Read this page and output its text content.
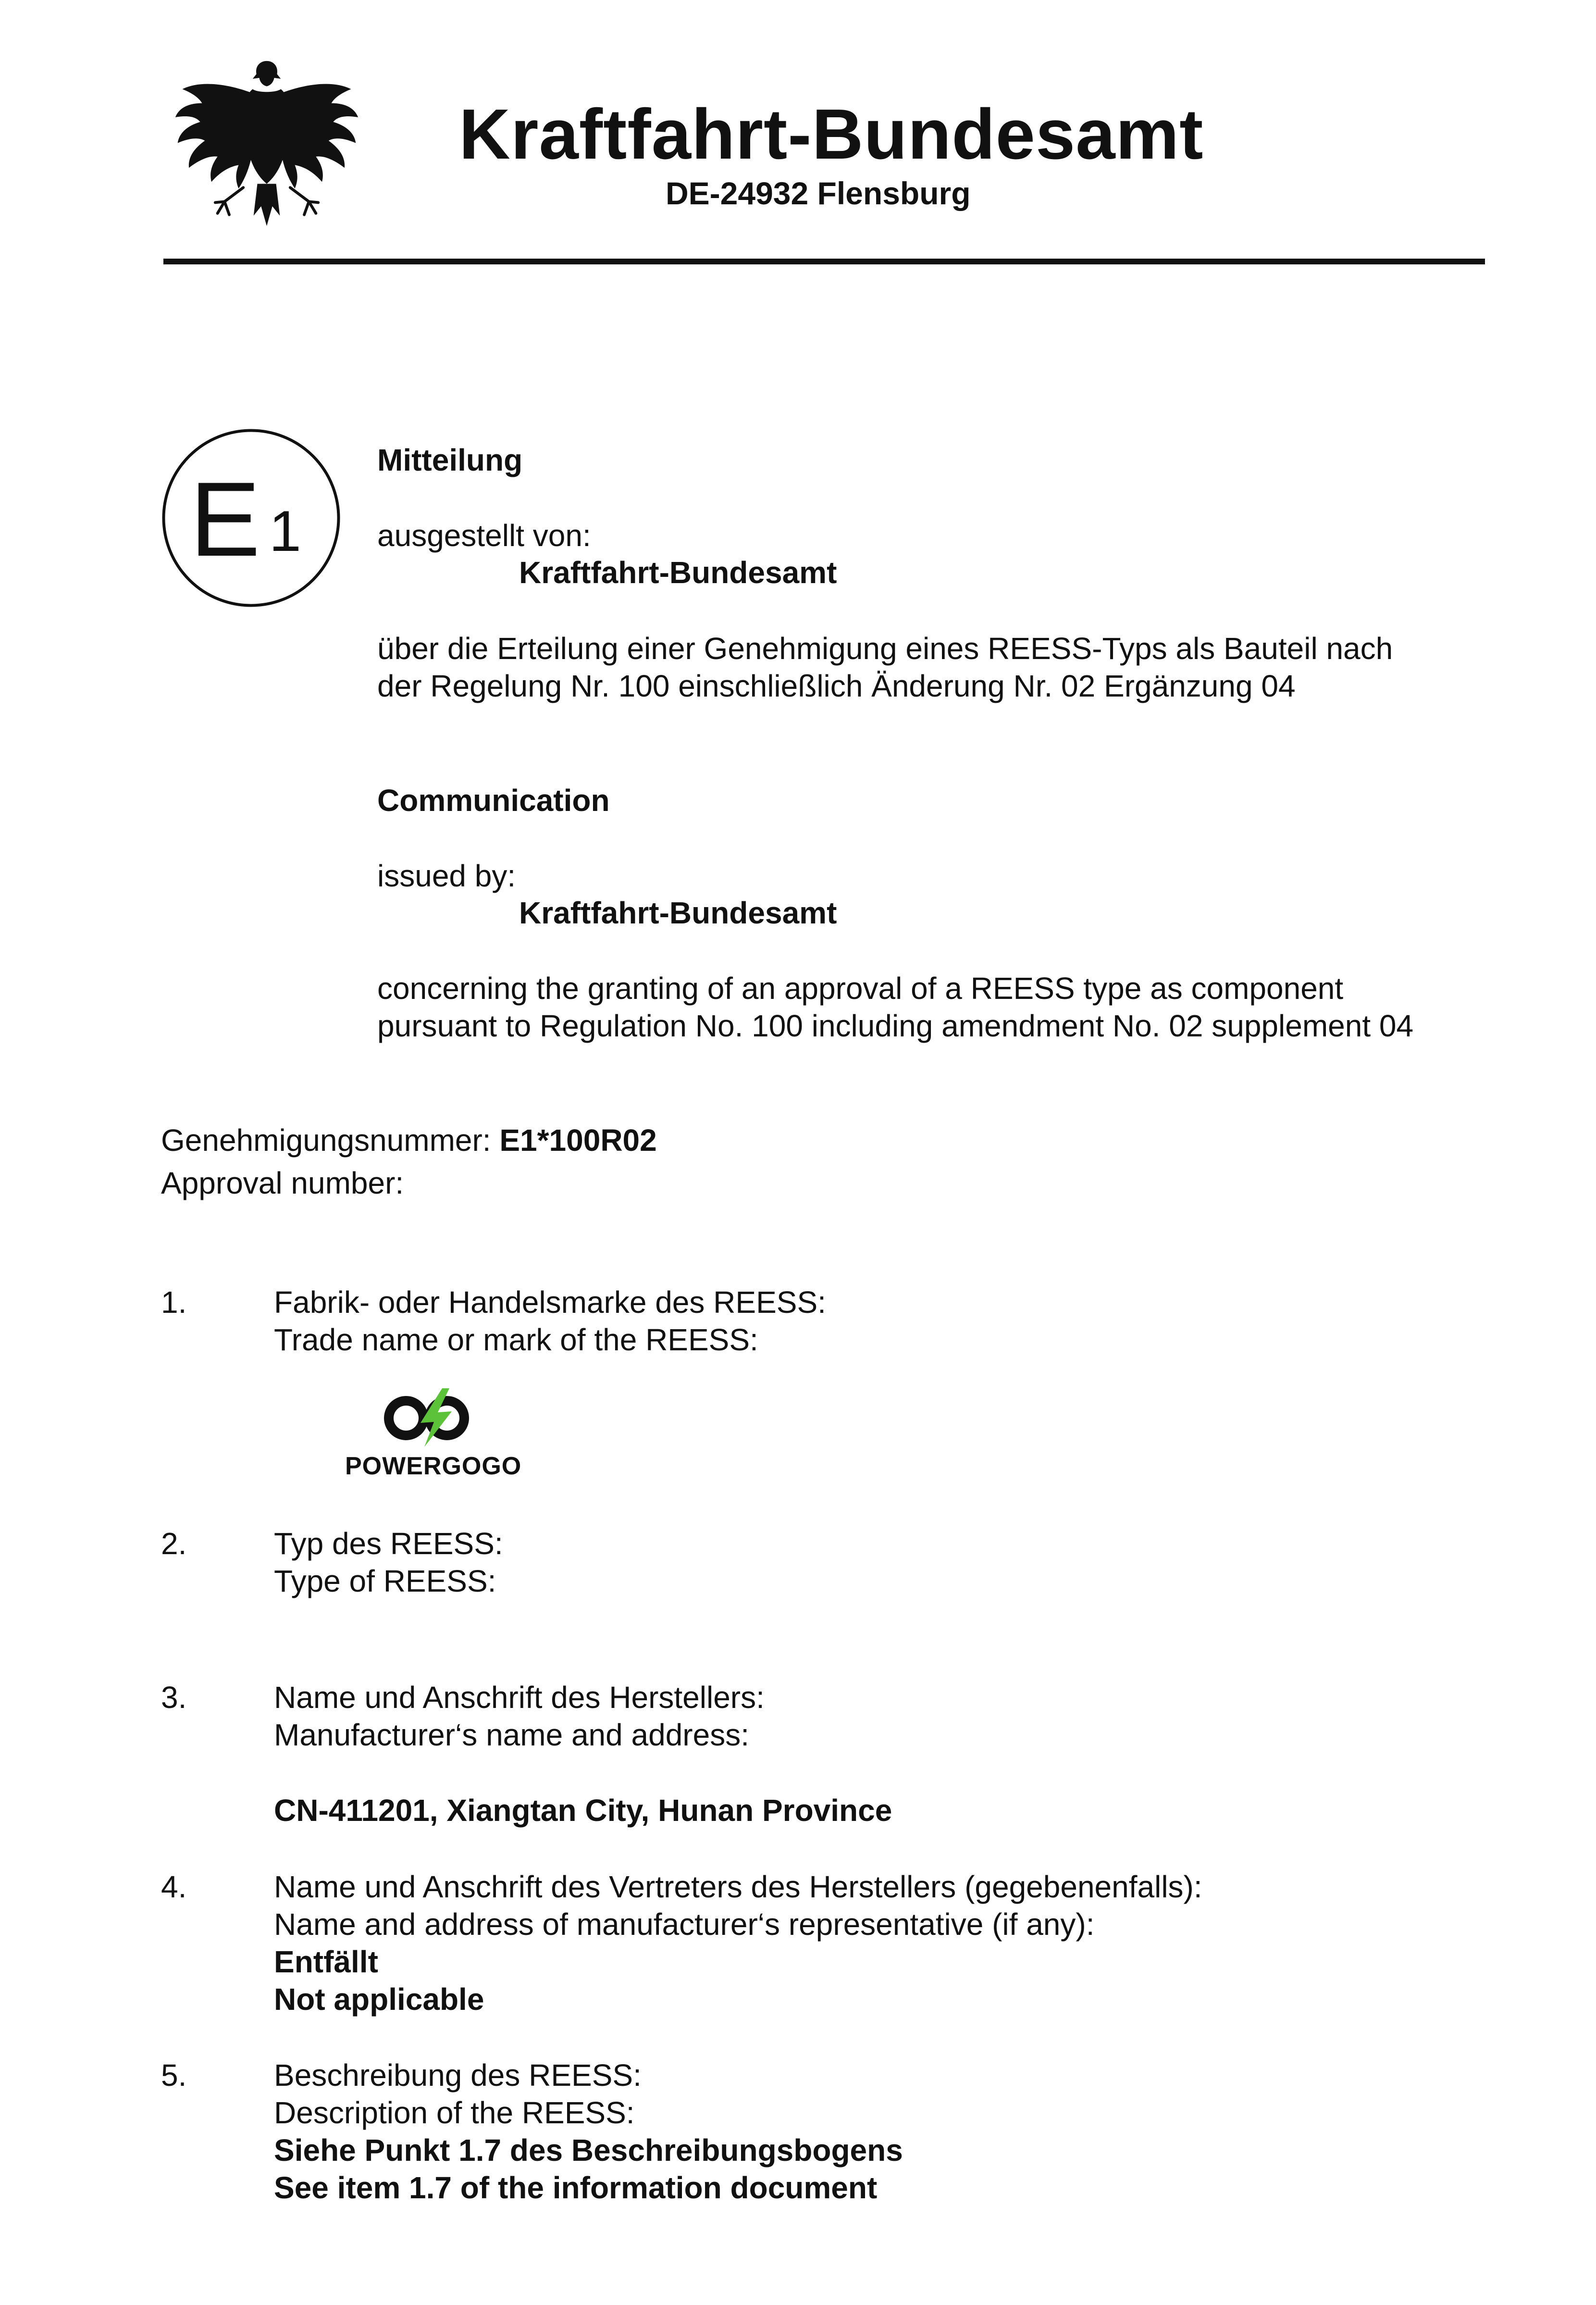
Kraftfahrt-Bundesamt
DE-24932 Flensburg
E 1
Mitteilung
ausgestellt von:
Kraftfahrt-Bundesamt
über die Erteilung einer Genehmigung eines REESS-Typs als Bauteil nach
der Regelung Nr. 100 einschließlich Änderung Nr. 02 Ergänzung 04
Communication
issued by:
Kraftfahrt-Bundesamt
concerning the granting of an approval of a REESS type as component
pursuant to Regulation No. 100 including amendment No. 02 supplement 04
Genehmigungsnummer: E1*100R02
Approval number:
1.	Fabrik- oder Handelsmarke des REESS:
Trade name or mark of the REESS:
POWERGOGO
2.	Typ des REESS:
Type of REESS:
3.	Name und Anschrift des Herstellers:
Manufacturer‘s name and address:
CN-411201, Xiangtan City, Hunan Province
4.	Name und Anschrift des Vertreters des Herstellers (gegebenenfalls):
Name and address of manufacturer‘s representative (if any):
Entfällt
Not applicable
5.	Beschreibung des REESS:
Description of the REESS:
Siehe Punkt 1.7 des Beschreibungsbogens
See item 1.7 of the information document
